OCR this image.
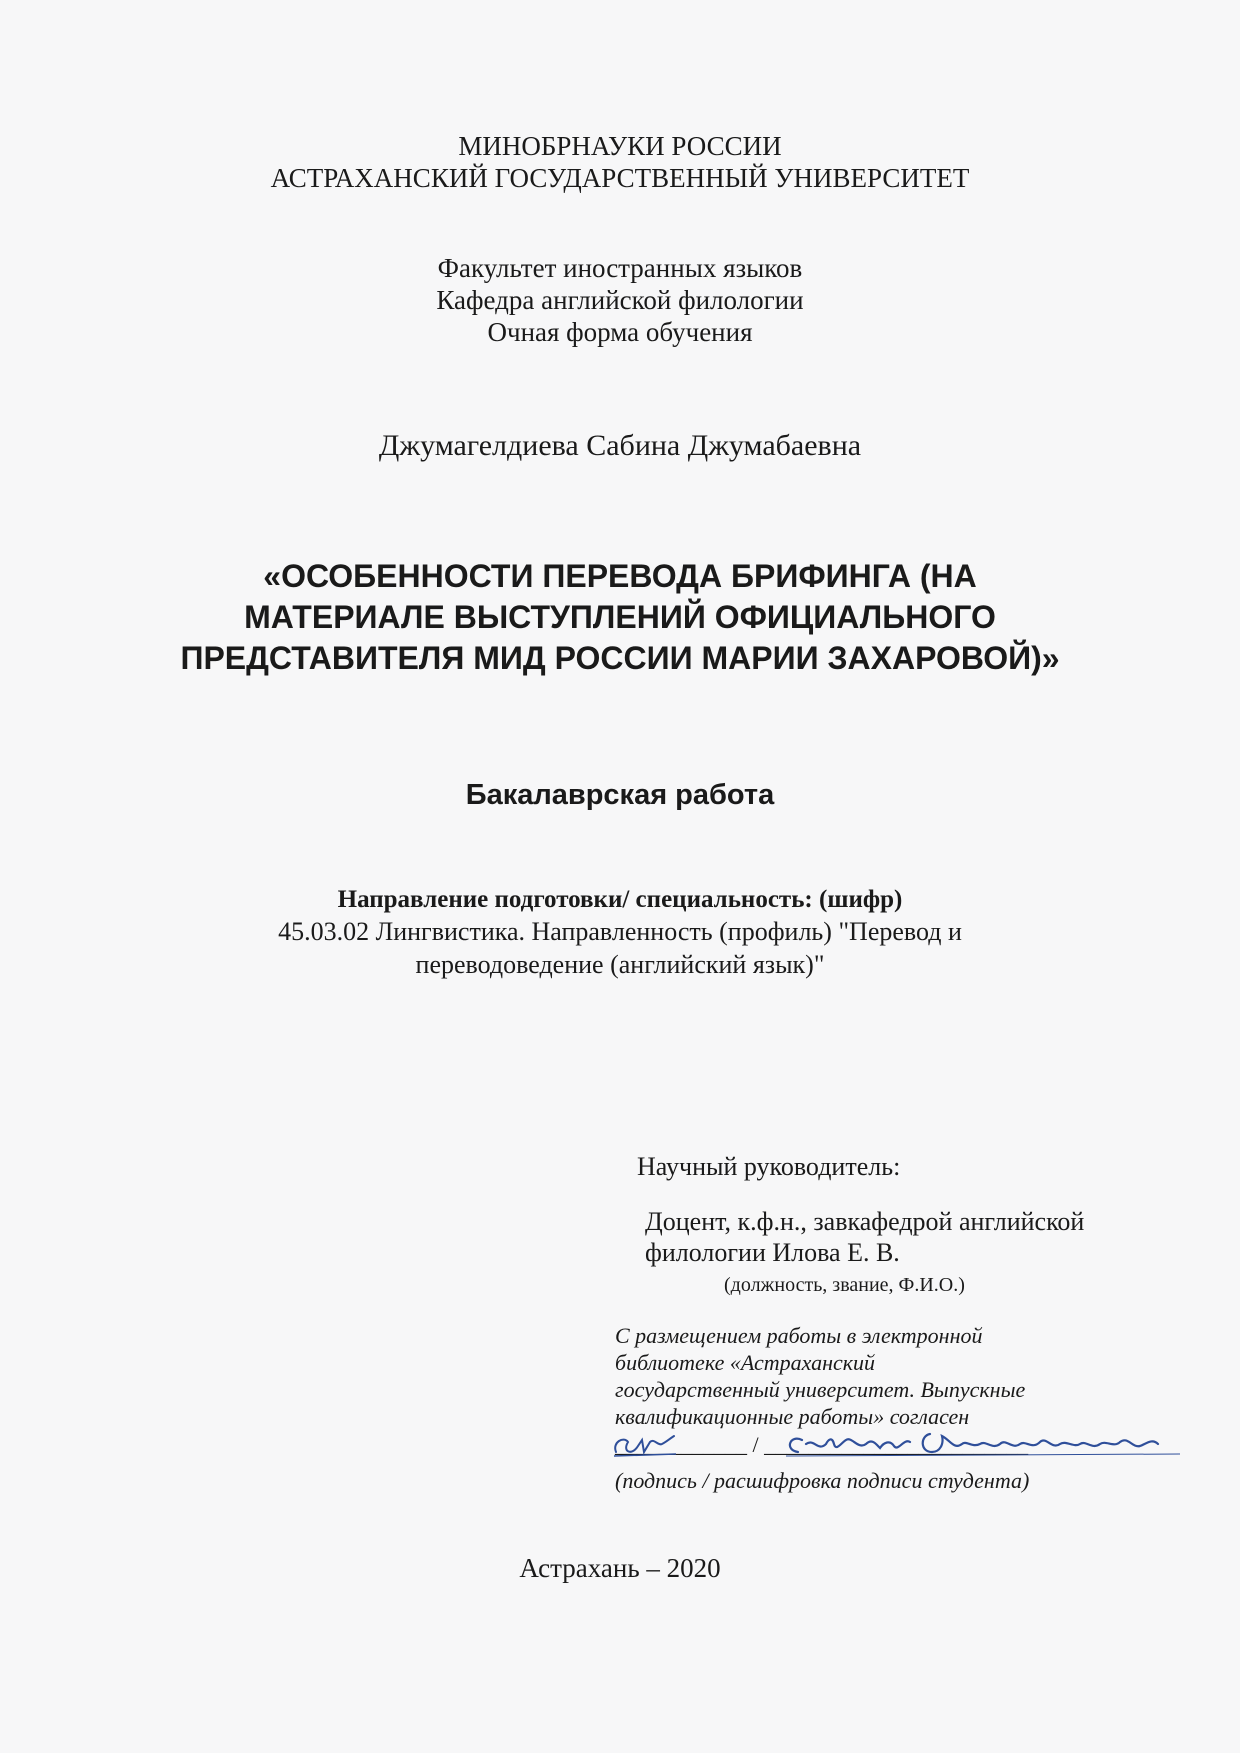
МИНОБРНАУКИ РОССИИ
АСТРАХАНСКИЙ ГОСУДАРСТВЕННЫЙ УНИВЕРСИТЕТ
Факультет иностранных языков
Кафедра английской филологии
Очная форма обучения
Джумагелдиева Сабина Джумабаевна
«ОСОБЕННОСТИ ПЕРЕВОДА БРИФИНГА (НА
МАТЕРИАЛЕ ВЫСТУПЛЕНИЙ ОФИЦИАЛЬНОГО
ПРЕДСТАВИТЕЛЯ МИД РОССИИ МАРИИ ЗАХАРОВОЙ)»
Бакалаврская работа
Направление подготовки/ специальность: (шифр)
45.03.02 Лингвистика. Направленность (профиль) "Перевод и
переводоведение (английский язык)"
Научный руководитель:
Доцент, к.ф.н., завкафедрой английской
филологии Илова Е. В.
(должность, звание, Ф.И.О.)
С размещением работы в электронной
библиотеке «Астраханский
государственный университет. Выпускные
квалификационные работы» согласен
____________ / ________________________
(подпись / расшифровка подписи студента)
Астрахань – 2020
